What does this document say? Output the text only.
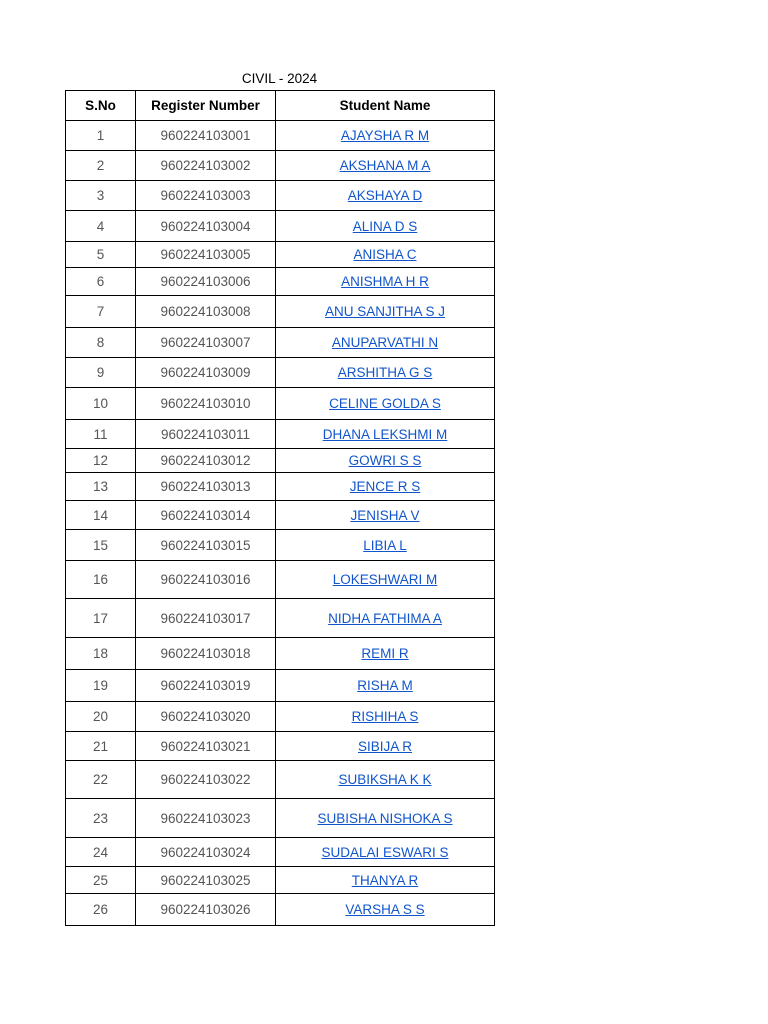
CIVIL - 2024
S.No	Register Number	Student Name
1	960224103001	AJAYSHA R M
2	960224103002	AKSHANA M A
3	960224103003	AKSHAYA D
4	960224103004	ALINA D S
5	960224103005	ANISHA C
6	960224103006	ANISHMA H R
7	960224103008	ANU SANJITHA S J
8	960224103007	ANUPARVATHI N
9	960224103009	ARSHITHA G S
10	960224103010	CELINE GOLDA S
11	960224103011	DHANA LEKSHMI M
12	960224103012	GOWRI S S
13	960224103013	JENCE R S
14	960224103014	JENISHA V
15	960224103015	LIBIA L
16	960224103016	LOKESHWARI M
17	960224103017	NIDHA FATHIMA A
18	960224103018	REMI R
19	960224103019	RISHA M
20	960224103020	RISHIHA S
21	960224103021	SIBIJA R
22	960224103022	SUBIKSHA K K
23	960224103023	SUBISHA NISHOKA S
24	960224103024	SUDALAI ESWARI S
25	960224103025	THANYA R
26	960224103026	VARSHA S S
